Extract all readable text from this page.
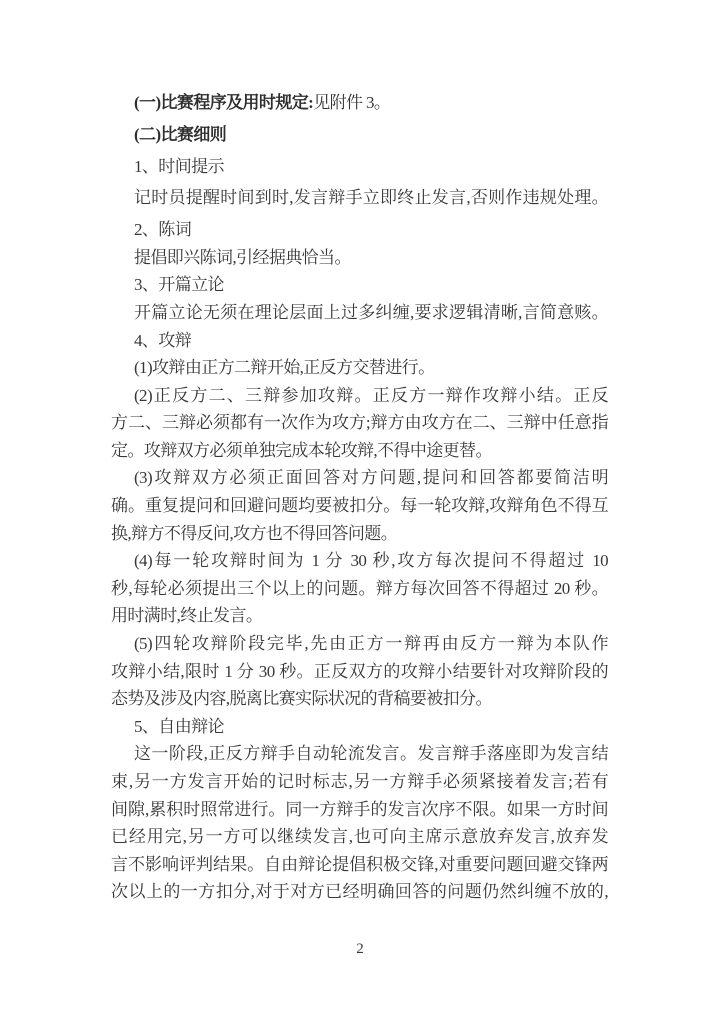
(一)比赛程序及用时规定:见附件 3。
(二)比赛细则
1、时间提示
记时员提醒时间到时,发言辩手立即终止发言,否则作违规处理。
2、陈词
提倡即兴陈词,引经据典恰当。
3、开篇立论
开篇立论无须在理论层面上过多纠缠,要求逻辑清晰,言简意赅。
4、攻辩
(1)攻辩由正方二辩开始,正反方交替进行。
(2)正反方二、三辩参加攻辩。正反方一辩作攻辩小结。正反
方二、三辩必须都有一次作为攻方;辩方由攻方在二、三辩中任意指
定。攻辩双方必须单独完成本轮攻辩,不得中途更替。
(3)攻辩双方必须正面回答对方问题,提问和回答都要简洁明
确。重复提问和回避问题均要被扣分。每一轮攻辩,攻辩角色不得互
换,辩方不得反问,攻方也不得回答问题。
(4)每一轮攻辩时间为 1 分 30 秒,攻方每次提问不得超过 10
秒,每轮必须提出三个以上的问题。辩方每次回答不得超过 20 秒。
用时满时,终止发言。
(5)四轮攻辩阶段完毕,先由正方一辩再由反方一辩为本队作
攻辩小结,限时 1 分 30 秒。正反双方的攻辩小结要针对攻辩阶段的
态势及涉及内容,脱离比赛实际状况的背稿要被扣分。
5、自由辩论
这一阶段,正反方辩手自动轮流发言。发言辩手落座即为发言结
束,另一方发言开始的记时标志,另一方辩手必须紧接着发言;若有
间隙,累积时照常进行。同一方辩手的发言次序不限。如果一方时间
已经用完,另一方可以继续发言,也可向主席示意放弃发言,放弃发
言不影响评判结果。自由辩论提倡积极交锋,对重要问题回避交锋两
次以上的一方扣分,对于对方已经明确回答的问题仍然纠缠不放的,
2
